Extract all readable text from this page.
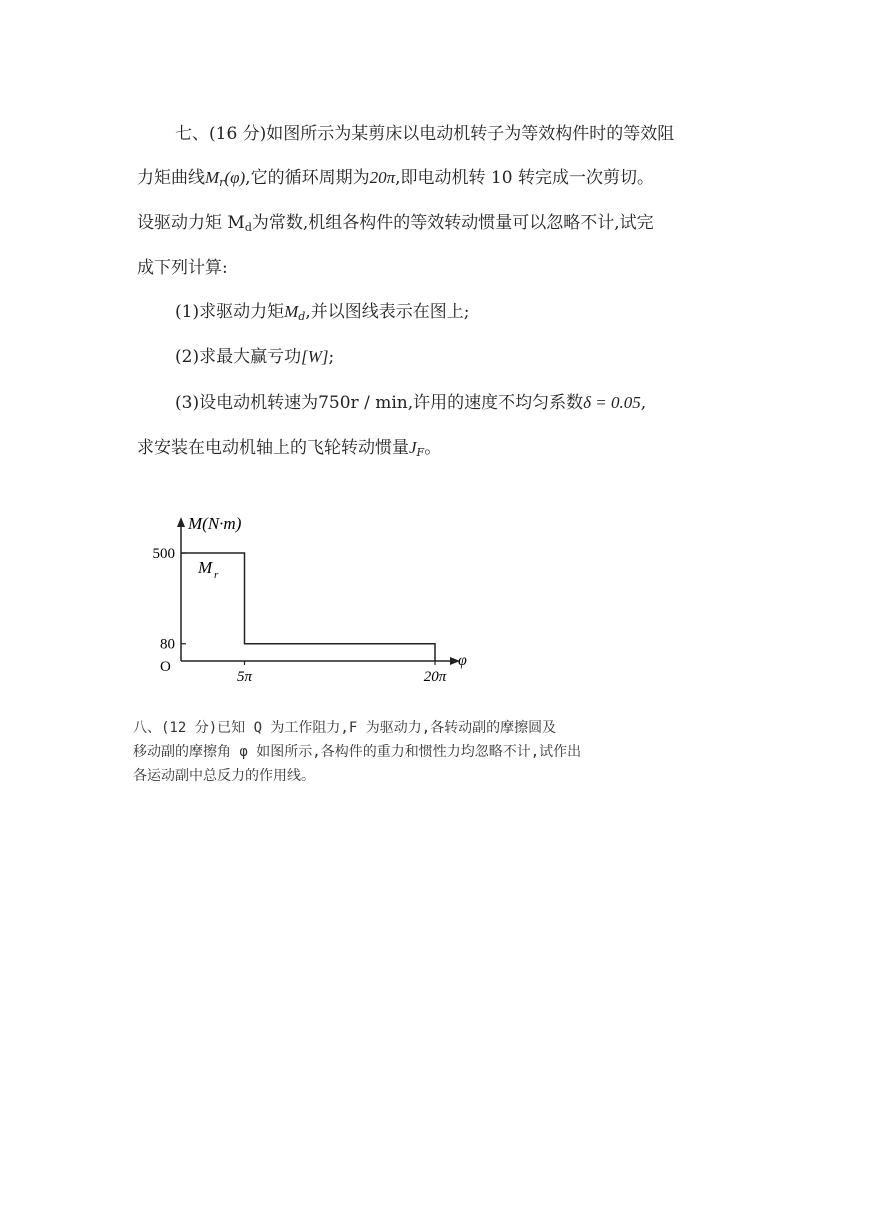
七、(16 分)如图所示为某剪床以电动机转子为等效构件时的等效阻
力矩曲线$M_r(\varphi)$,它的循环周期为20π,即电动机转 10 转完成一次剪切。
设驱动力矩 Md为常数,机组各构件的等效转动惯量可以忽略不计,试完
成下列计算:
(1)求驱动力矩$M_d$,并以图线表示在图上;
(2)求最大赢亏功[W];
(3)设电动机转速为750r / min,许用的速度不均匀系数δ = 0.05,
求安装在电动机轴上的飞轮转动惯量$J_F$。
M(N·m)
φ
O
500
80
5π	20π
M r
八、(12 分)已知 Q 为工作阻力,F 为驱动力,各转动副的摩擦圆及
移动副的摩擦角 φ 如图所示,各构件的重力和惯性力均忽略不计,试作出
各运动副中总反力的作用线。
